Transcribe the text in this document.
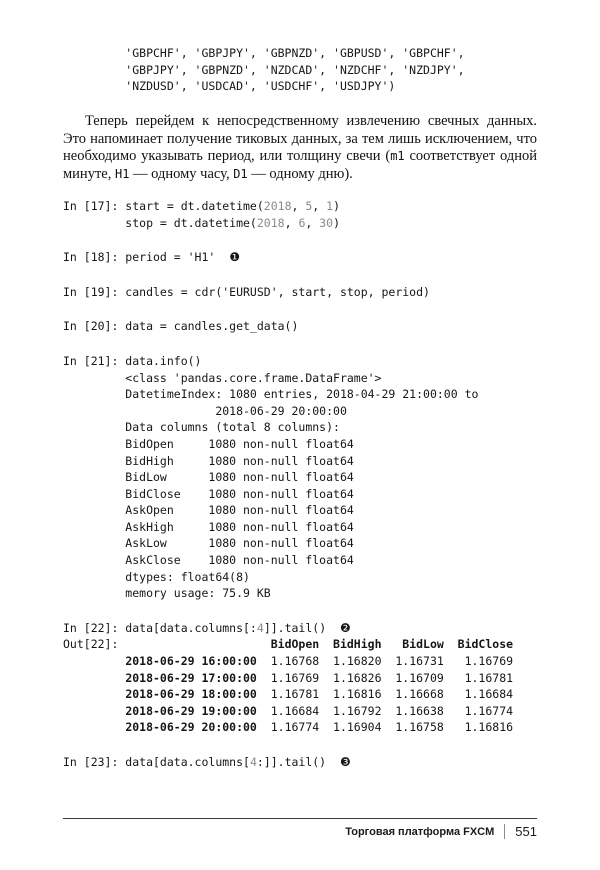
'GBPCHF', 'GBPJPY', 'GBPNZD', 'GBPUSD', 'GBPCHF',
'GBPJPY', 'GBPNZD', 'NZDCAD', 'NZDCHF', 'NZDJPY',
'NZDUSD', 'USDCAD', 'USDCHF', 'USDJPY')

Теперь перейдем к непосредственному извлечению свечных данных. Это напоминает получение тиковых данных, за тем лишь исключением, что необходимо указывать период, или толщину свечи (m1 соответствует одной минуте, H1 — одному часу, D1 — одному дню).

In [17]: start = dt.datetime(2018, 5, 1)
stop = dt.datetime(2018, 6, 30)
In [18]: period = 'H1' ❶
In [19]: candles = cdr('EURUSD', start, stop, period)
In [20]: data = candles.get_data()
In [21]: data.info()
<class 'pandas.core.frame.DataFrame'>
DatetimeIndex: 1080 entries, 2018-04-29 21:00:00 to
2018-06-29 20:00:00
Data columns (total 8 columns):
BidOpen     1080 non-null float64
BidHigh     1080 non-null float64
BidLow      1080 non-null float64
BidClose    1080 non-null float64
AskOpen     1080 non-null float64
AskHigh     1080 non-null float64
AskLow      1080 non-null float64
AskClose    1080 non-null float64
dtypes: float64(8)
memory usage: 75.9 KB
In [22]: data[data.columns[:4]].tail()  ❷
Out[22]:	BidOpen  BidHigh   BidLow  BidClose
2018-06-29 16:00:00  1.16768  1.16820  1.16731   1.16769
2018-06-29 17:00:00  1.16769  1.16826  1.16709   1.16781
2018-06-29 18:00:00  1.16781  1.16816  1.16668   1.16684
2018-06-29 19:00:00  1.16684  1.16792  1.16638   1.16774
2018-06-29 20:00:00  1.16774  1.16904  1.16758   1.16816
In [23]: data[data.columns[4:]].tail()  ❸
Торговая платформа FXCM 551
